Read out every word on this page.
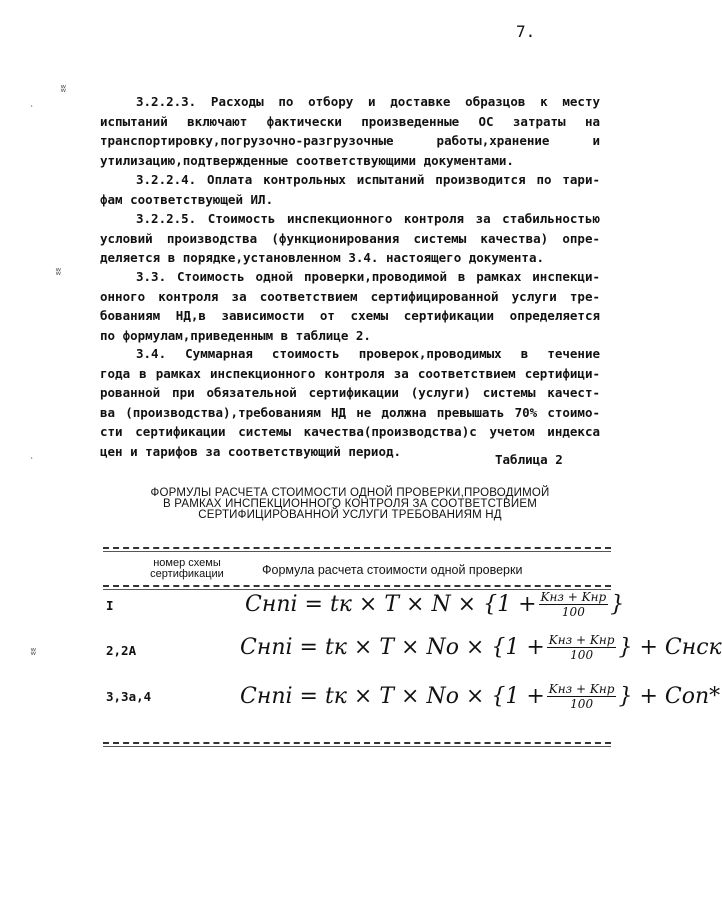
7.
ʬ
ᐧ
ʬ
ʬ
ᐧ
3.2.2.3. Расходы по отбору и доставке образцов к месту
испытаний включают фактически произведенные ОС затраты на
транспортировку,погрузочно-разгрузочные работы,хранение и
утилизацию,подтвержденные соответствующими документами.
3.2.2.4. Оплата контрольных испытаний производится по тари-
фам соответствующей ИЛ.
3.2.2.5. Стоимость инспекционного контроля за стабильностью
условий производства (функционирования системы качества) опре-
деляется в порядке,установленном 3.4. настоящего документа.
3.3. Стоимость одной проверки,проводимой в рамках инспекци-
онного контроля за соответствием сертифицированной услуги тре-
бованиям НД,в зависимости от схемы сертификации определяется
по формулам,приведенным в таблице 2.
3.4. Суммарная стоимость проверок,проводимых в течение
года в рамках инспекционного контроля за соответствием сертифици-
рованной при обязательной сертификации (услуги) системы качест-
ва (производства),требованиям НД не должна превышать 70% стоимо-
сти сертификации системы качества(производства)с учетом индекса
цен и тарифов за соответствующий период.
Таблица 2
ФОРМУЛЫ РАСЧЕТА СТОИМОСТИ ОДНОЙ ПРОВЕРКИ,ПРОВОДИМОЙ
В РАМКАХ ИНСПЕКЦИОННОГО КОНТРОЛЯ ЗА СООТВЕТСТВИЕМ
СЕРТИФИЦИРОВАННОЙ УСЛУГИ ТРЕБОВАНИЯМ НД
номер схемы
сертификации	Формула расчета стоимости одной проверки
I	Cнпi = tк × T × N × { $1 + \frac{\text{Kнз + Kнр}}{100}$ }
2,2A	Cнпi = tк × T × Nо × { $1 + \frac{\text{Kнз + Kнр}}{100}$ } + Cнск
3,3а,4	Cнпi = tк × T × Nо × { $1 + \frac{\text{Kнз + Kнр}}{100}$ } + Cоп*
